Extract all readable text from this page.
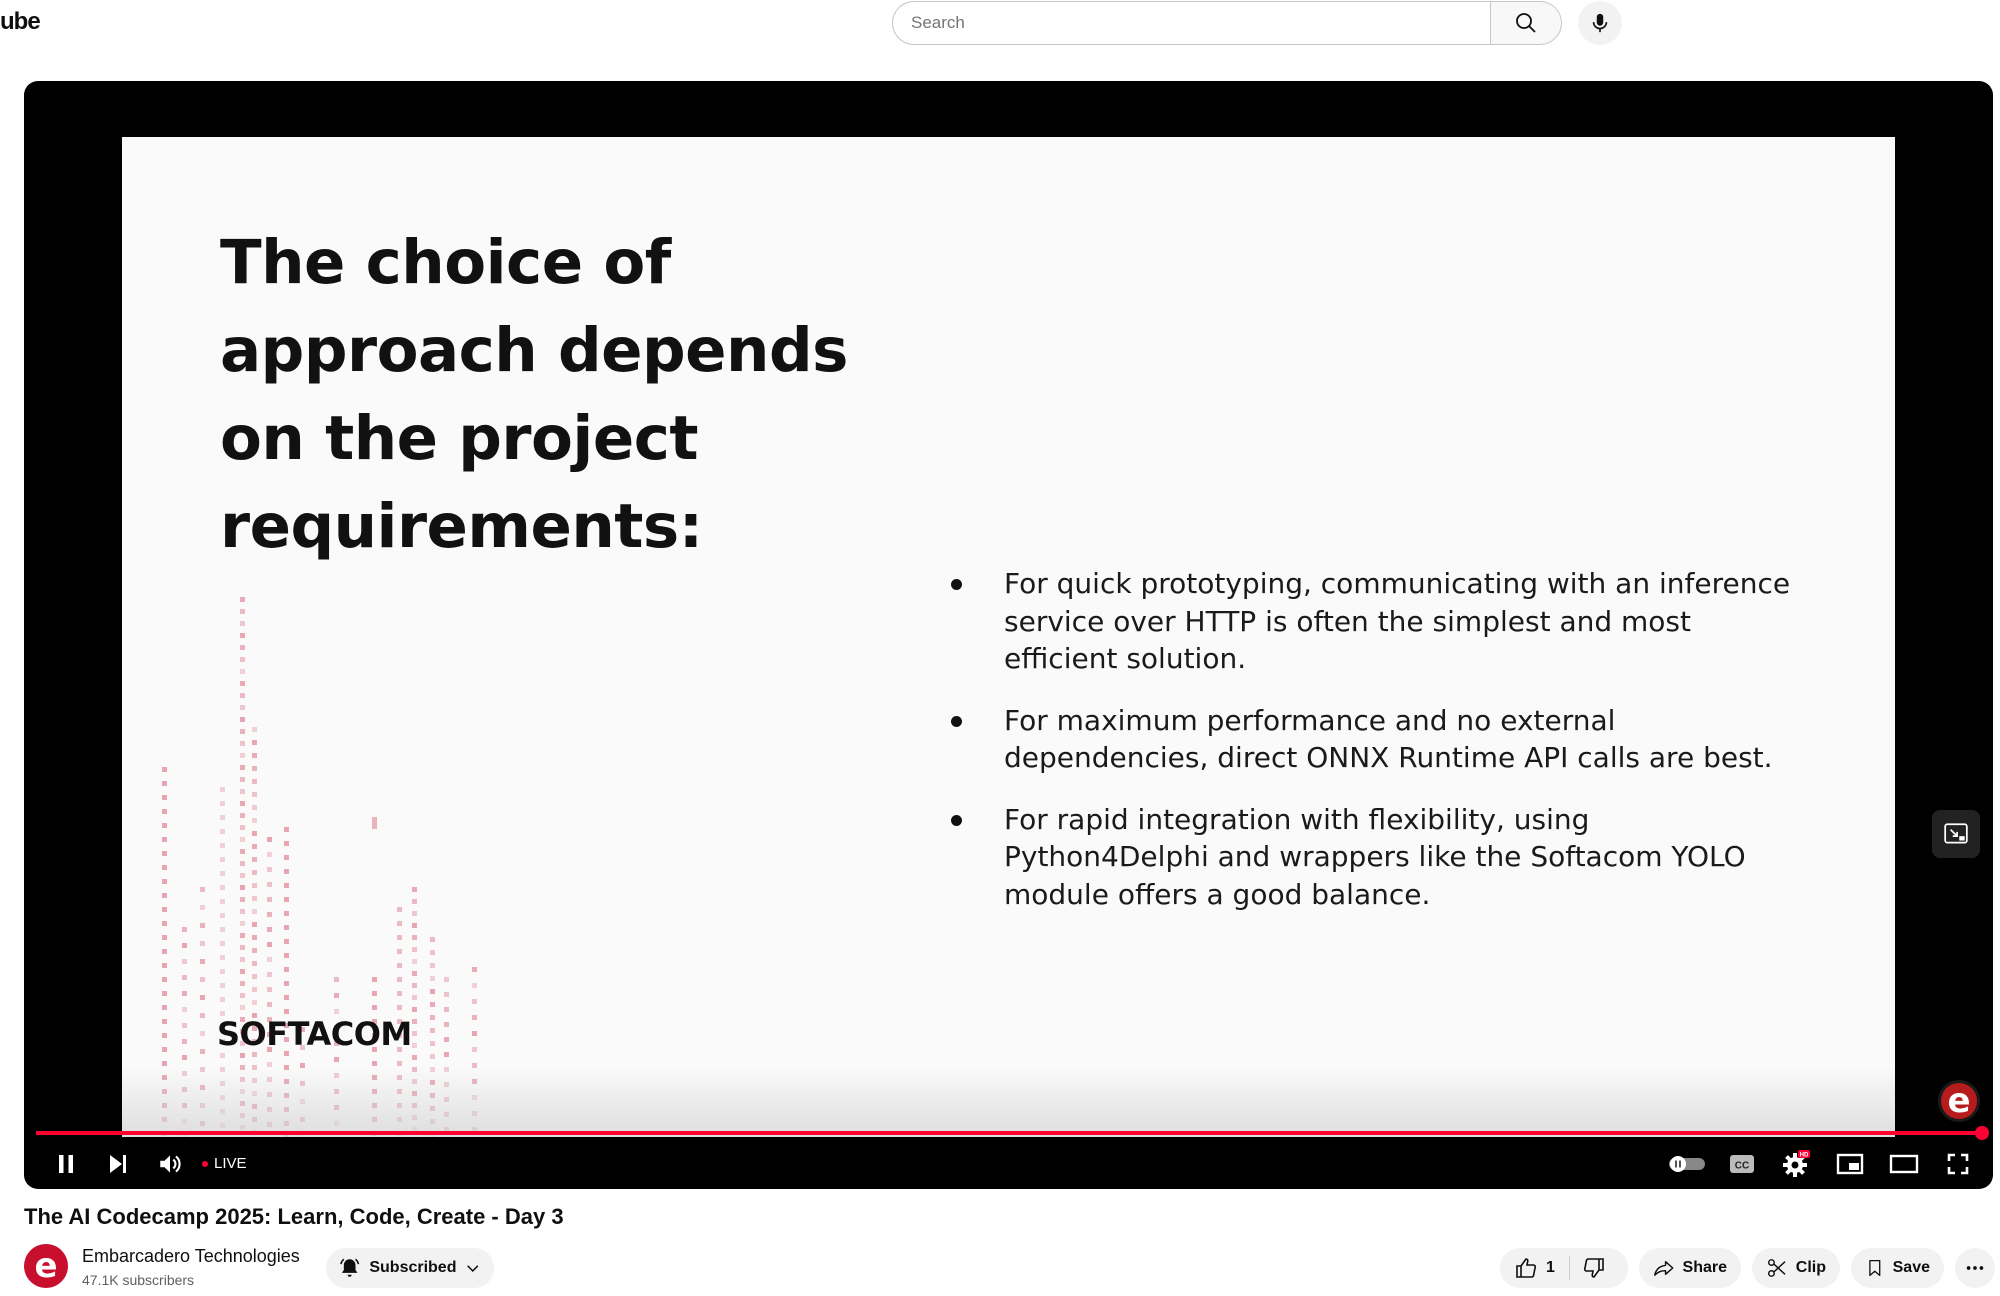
ube
Search
The choice of
approach depends
on the project
requirements:
SOFTACOM
For quick prototyping, communicating with an inference
service over HTTP is often the simplest and most
efficient solution.
For maximum performance and no external
dependencies, direct ONNX Runtime API calls are best.
For rapid integration with flexibility, using
Python4Delphi and wrappers like the Softacom YOLO
module offers a good balance.
e
LIVE	CC
HD
The AI Codecamp 2025: Learn, Code, Create - Day 3
e	Embarcadero Technologies
47.1K subscribers
Subscribed	1	Share	Clip	Save
